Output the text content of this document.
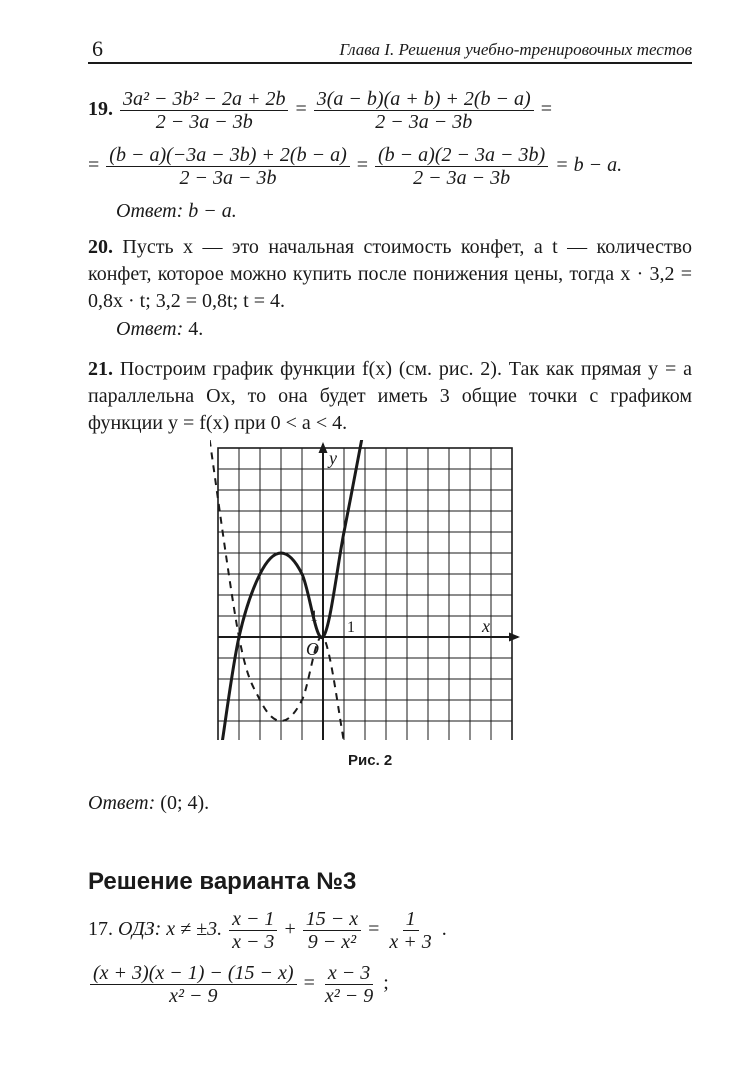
6	Глава I. Решения учебно-тренировочных тестов
19. $\frac{\text{3a² − 3b² − 2a + 2b}}{2 - 3a - 3b} = \frac{3(a - b)(a + b) + 2(b - a)}{2 - 3a - 3b}$ =
= $\frac{(b - a)(-3a - 3b) + 2(b - a)}{2 - 3a - 3b} = \frac{(b - a)(2 - 3a - 3b)}{2 - 3a - 3b} = b - a$.
Ответ: b − a.
20. Пусть x — это начальная стоимость конфет, а t — количество конфет, которое можно купить после понижения цены, тогда x · 3,2 = 0,8x · t; 3,2 = 0,8t; t = 4.
Ответ: 4.
21. Построим график функции f(x) (см. рис. 2). Так как прямая y = a параллельна Ox, то она будет иметь 3 общие точки с графиком функции y = f(x) при 0 < a < 4.
y
x
1
1
O
Рис. 2
Ответ: (0; 4).
Решение варианта №3
17. ОДЗ: x ≠ ±3. $\frac{x - 1}{x - 3} + \frac{15 - x}{\text{9 − x²}} = \frac{1}{x + 3}$ .
$\frac{(x + 3)(x - 1) - (15 - x)}{\text{x² − 9}} = \frac{x - 3}{\text{x² − 9}}$ ;
